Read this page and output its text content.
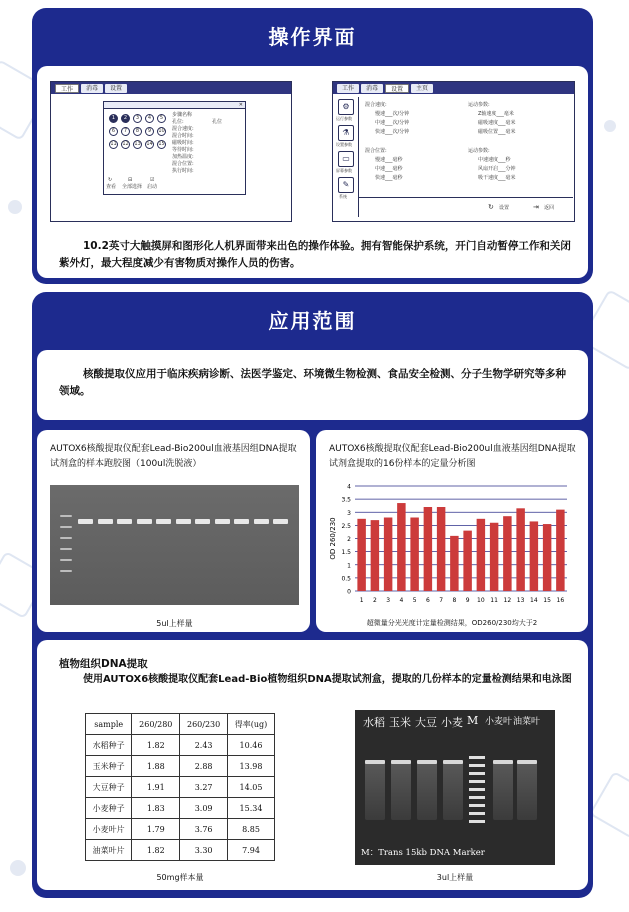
操作界面
工作	消毒	设置
✕
1	2	3	4	5
6	7	8	9	10
11 12 13 14 15
步骤名称
孔位:	孔位
混合速度:
混合时间:
磁吸时间:
等待时间:
加热温度:
混合位置:
执行时间:
↻
查看
⊟
全部选择
☑
启动
工作	消毒	设置	主页
⚙
运行参数
⚗
设置参数
▭
屏幕参数
✎
系统
混合速度:
慢速___次/分钟
中速___次/分钟
快速___次/分钟
混合位置:
慢速___毫秒
中速___毫秒
快速___毫秒
运动参数:
Z轴速度___毫米
磁吸速度___毫米
磁吸位置___毫米
运动参数:
中速速度___秒
风扇开启___分钟
吸干速度___毫米
↻ 设置	⇥ 返回
10.2英寸大触摸屏和图形化人机界面带来出色的操作体验。拥有智能保护系统，开门自动暂停工作和关闭紫外灯，最大程度减少有害物质对操作人员的伤害。
应用范围
核酸提取仪应用于临床疾病诊断、法医学鉴定、环境微生物检测、食品安全检测、分子生物学研究等多种领域。
AUTOX6核酸提取仪配套Lead-Bio200ul血液基因组DNA提取试剂盒的样本跑胶图（100ul洗脱液）
5ul上样量
AUTOX6核酸提取仪配套Lead-Bio200ul血液基因组DNA提取试剂盒提取的16份样本的定量分析图
0
0.5
1
1.5
2
2.5
3
3.5
4
1 2 3 4 5 6 7 8 9 10 11 12 13 14 15 16
OD 260/230
超微量分光光度计定量检测结果，OD260/230均大于2
植物组织DNA提取
使用AUTOX6核酸提取仪配套Lead-Bio植物组织DNA提取试剂盒，提取的几份样本的定量检测结果和电泳图
sample	260/280	260/230	得率(ug)
水稻种子	1.82	2.43	10.46
玉米种子	1.88	2.88	13.98
大豆种子	1.91	3.27	14.05
小麦种子	1.83	3.09	15.34
小麦叶片	1.79	3.76	8.85
油菜叶片	1.82	3.30	7.94
50mg样本量
水稻 玉米 大豆 小麦 M 小麦叶 油菜叶
M：Trans 15kb DNA Marker
3ul上样量
